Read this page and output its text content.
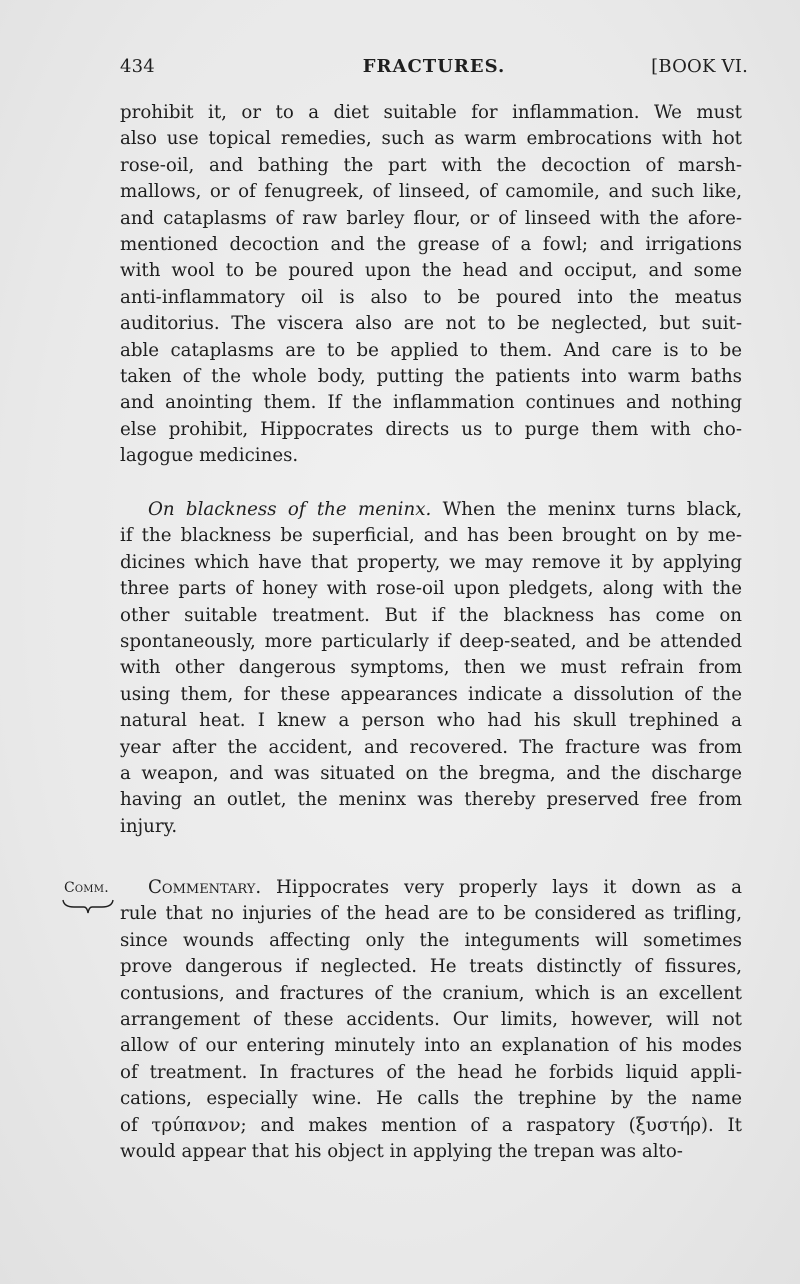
434	FRACTURES.	[BOOK VI.
prohibit it, or to a diet suitable for inflammation. We must
also use topical remedies, such as warm embrocations with hot
rose-oil, and bathing the part with the decoction of marsh-
mallows, or of fenugreek, of linseed, of camomile, and such like,
and cataplasms of raw barley flour, or of linseed with the afore-
mentioned decoction and the grease of a fowl; and irrigations
with wool to be poured upon the head and occiput, and some
anti-inflammatory oil is also to be poured into the meatus
auditorius. The viscera also are not to be neglected, but suit-
able cataplasms are to be applied to them. And care is to be
taken of the whole body, putting the patients into warm baths
and anointing them. If the inflammation continues and nothing
else prohibit, Hippocrates directs us to purge them with cho-
lagogue medicines.
On blackness of the meninx. When the meninx turns black,
if the blackness be superficial, and has been brought on by me-
dicines which have that property, we may remove it by applying
three parts of honey with rose-oil upon pledgets, along with the
other suitable treatment. But if the blackness has come on
spontaneously, more particularly if deep-seated, and be attended
with other dangerous symptoms, then we must refrain from
using them, for these appearances indicate a dissolution of the
natural heat. I knew a person who had his skull trephined a
year after the accident, and recovered. The fracture was from
a weapon, and was situated on the bregma, and the discharge
having an outlet, the meninx was thereby preserved free from
injury.
Comm.	Commentary. Hippocrates very properly lays it down as a
rule that no injuries of the head are to be considered as trifling,
since wounds affecting only the integuments will sometimes
prove dangerous if neglected. He treats distinctly of fissures,
contusions, and fractures of the cranium, which is an excellent
arrangement of these accidents. Our limits, however, will not
allow of our entering minutely into an explanation of his modes
of treatment. In fractures of the head he forbids liquid appli-
cations, especially wine. He calls the trephine by the name
of τρύπανον; and makes mention of a raspatory (ξυστήρ). It
would appear that his object in applying the trepan was alto-
